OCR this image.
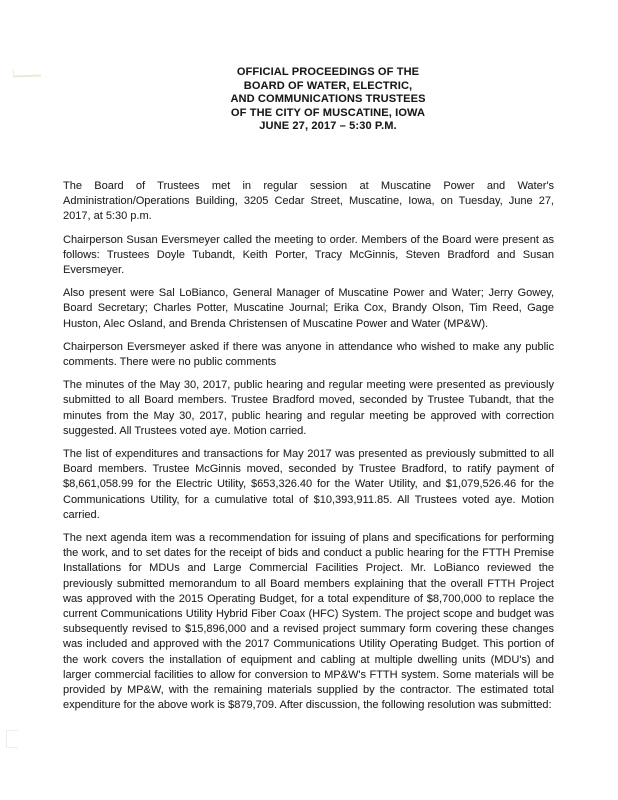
OFFICIAL PROCEEDINGS OF THE
BOARD OF WATER, ELECTRIC,
AND COMMUNICATIONS TRUSTEES
OF THE CITY OF MUSCATINE, IOWA
JUNE 27, 2017 – 5:30 P.M.

The Board of Trustees met in regular session at Muscatine Power and Water's Administration/Operations Building, 3205 Cedar Street, Muscatine, Iowa, on Tuesday, June 27, 2017, at 5:30 p.m.

Chairperson Susan Eversmeyer called the meeting to order. Members of the Board were present as follows: Trustees Doyle Tubandt, Keith Porter, Tracy McGinnis, Steven Bradford and Susan Eversmeyer.

Also present were Sal LoBianco, General Manager of Muscatine Power and Water; Jerry Gowey, Board Secretary; Charles Potter, Muscatine Journal; Erika Cox, Brandy Olson, Tim Reed, Gage Huston, Alec Osland, and Brenda Christensen of Muscatine Power and Water (MP&W).

Chairperson Eversmeyer asked if there was anyone in attendance who wished to make any public comments. There were no public comments

The minutes of the May 30, 2017, public hearing and regular meeting were presented as previously submitted to all Board members. Trustee Bradford moved, seconded by Trustee Tubandt, that the minutes from the May 30, 2017, public hearing and regular meeting be approved with correction suggested. All Trustees voted aye. Motion carried.

The list of expenditures and transactions for May 2017 was presented as previously submitted to all Board members. Trustee McGinnis moved, seconded by Trustee Bradford, to ratify payment of $8,661,058.99 for the Electric Utility, $653,326.40 for the Water Utility, and $1,079,526.46 for the Communications Utility, for a cumulative total of $10,393,911.85. All Trustees voted aye. Motion carried.

The next agenda item was a recommendation for issuing of plans and specifications for performing the work, and to set dates for the receipt of bids and conduct a public hearing for the FTTH Premise Installations for MDUs and Large Commercial Facilities Project. Mr. LoBianco reviewed the previously submitted memorandum to all Board members explaining that the overall FTTH Project was approved with the 2015 Operating Budget, for a total expenditure of $8,700,000 to replace the current Communications Utility Hybrid Fiber Coax (HFC) System. The project scope and budget was subsequently revised to $15,896,000 and a revised project summary form covering these changes was included and approved with the 2017 Communications Utility Operating Budget. This portion of the work covers the installation of equipment and cabling at multiple dwelling units (MDU's) and larger commercial facilities to allow for conversion to MP&W's FTTH system. Some materials will be provided by MP&W, with the remaining materials supplied by the contractor. The estimated total expenditure for the above work is $879,709. After discussion, the following resolution was submitted:
